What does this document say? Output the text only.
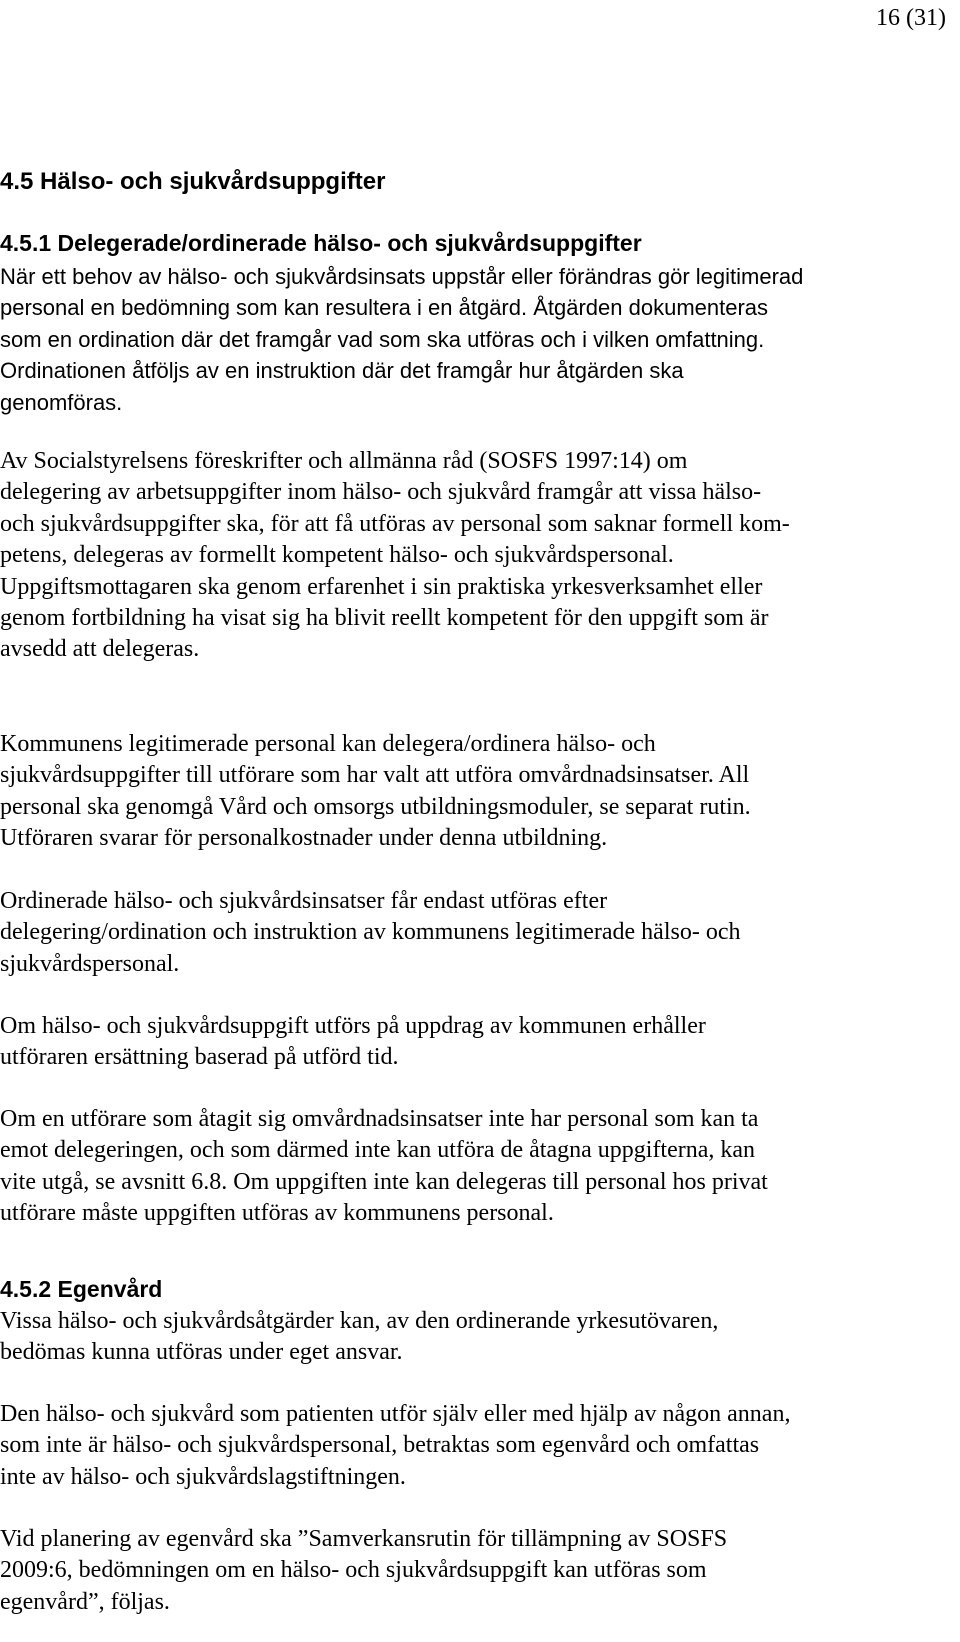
16 (31)
4.5 Hälso- och sjukvårdsuppgifter
4.5.1 Delegerade/ordinerade hälso- och sjukvårdsuppgifter

När ett behov av hälso- och sjukvårdsinsats uppstår eller förändras gör legitimerad
personal en bedömning som kan resultera i en åtgärd. Åtgärden dokumenteras
som en ordination där det framgår vad som ska utföras och i vilken omfattning.
Ordinationen åtföljs av en instruktion där det framgår hur åtgärden ska
genomföras.

Av Socialstyrelsens föreskrifter och allmänna råd (SOSFS 1997:14) om
delegering av arbetsuppgifter inom hälso- och sjukvård framgår att vissa hälso-
och sjukvårdsuppgifter ska, för att få utföras av personal som saknar formell kom-
petens, delegeras av formellt kompetent hälso- och sjukvårdspersonal.
Uppgiftsmottagaren ska genom erfarenhet i sin praktiska yrkesverksamhet eller
genom fortbildning ha visat sig ha blivit reellt kompetent för den uppgift som är
avsedd att delegeras.

Kommunens legitimerade personal kan delegera/ordinera hälso- och
sjukvårdsuppgifter till utförare som har valt att utföra omvårdnadsinsatser. All
personal ska genomgå Vård och omsorgs utbildningsmoduler, se separat rutin.
Utföraren svarar för personalkostnader under denna utbildning.

Ordinerade hälso- och sjukvårdsinsatser får endast utföras efter
delegering/ordination och instruktion av kommunens legitimerade hälso- och
sjukvårdspersonal.

Om hälso- och sjukvårdsuppgift utförs på uppdrag av kommunen erhåller
utföraren ersättning baserad på utförd tid.

Om en utförare som åtagit sig omvårdnadsinsatser inte har personal som kan ta
emot delegeringen, och som därmed inte kan utföra de åtagna uppgifterna, kan
vite utgå, se avsnitt 6.8. Om uppgiften inte kan delegeras till personal hos privat
utförare måste uppgiften utföras av kommunens personal.

4.5.2 Egenvård

Vissa hälso- och sjukvårdsåtgärder kan, av den ordinerande yrkesutövaren,
bedömas kunna utföras under eget ansvar.

Den hälso- och sjukvård som patienten utför själv eller med hjälp av någon annan,
som inte är hälso- och sjukvårdspersonal, betraktas som egenvård och omfattas
inte av hälso- och sjukvårdslagstiftningen.

Vid planering av egenvård ska ”Samverkansrutin för tillämpning av SOSFS
2009:6, bedömningen om en hälso- och sjukvårdsuppgift kan utföras som
egenvård”, följas.
